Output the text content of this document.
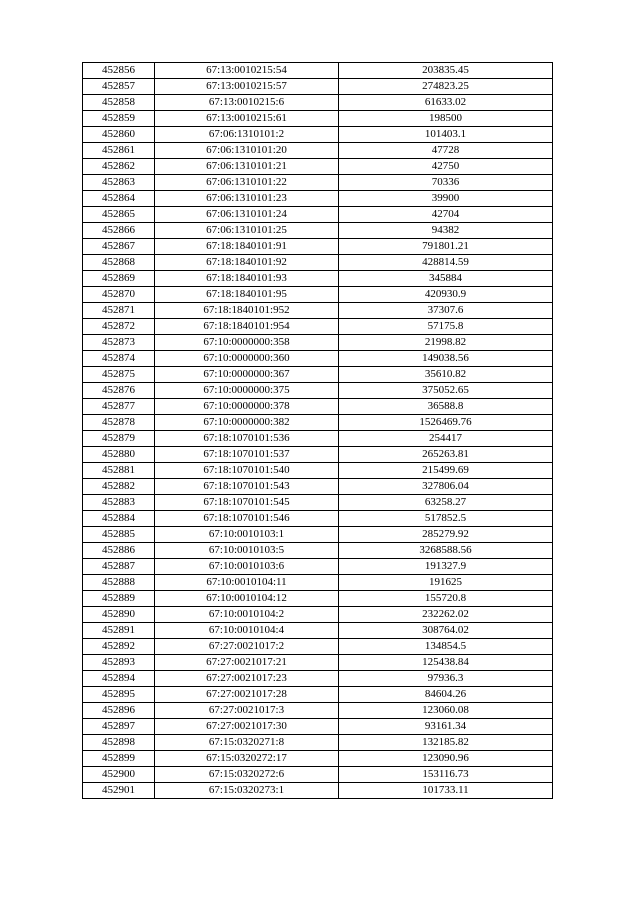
452856	67:13:0010215:54	203835.45
452857	67:13:0010215:57	274823.25
452858	67:13:0010215:6	61633.02
452859	67:13:0010215:61	198500
452860	67:06:1310101:2	101403.1
452861	67:06:1310101:20	47728
452862	67:06:1310101:21	42750
452863	67:06:1310101:22	70336
452864	67:06:1310101:23	39900
452865	67:06:1310101:24	42704
452866	67:06:1310101:25	94382
452867	67:18:1840101:91	791801.21
452868	67:18:1840101:92	428814.59
452869	67:18:1840101:93	345884
452870	67:18:1840101:95	420930.9
452871	67:18:1840101:952	37307.6
452872	67:18:1840101:954	57175.8
452873	67:10:0000000:358	21998.82
452874	67:10:0000000:360	149038.56
452875	67:10:0000000:367	35610.82
452876	67:10:0000000:375	375052.65
452877	67:10:0000000:378	36588.8
452878	67:10:0000000:382	1526469.76
452879	67:18:1070101:536	254417
452880	67:18:1070101:537	265263.81
452881	67:18:1070101:540	215499.69
452882	67:18:1070101:543	327806.04
452883	67:18:1070101:545	63258.27
452884	67:18:1070101:546	517852.5
452885	67:10:0010103:1	285279.92
452886	67:10:0010103:5	3268588.56
452887	67:10:0010103:6	191327.9
452888	67:10:0010104:11	191625
452889	67:10:0010104:12	155720.8
452890	67:10:0010104:2	232262.02
452891	67:10:0010104:4	308764.02
452892	67:27:0021017:2	134854.5
452893	67:27:0021017:21	125438.84
452894	67:27:0021017:23	97936.3
452895	67:27:0021017:28	84604.26
452896	67:27:0021017:3	123060.08
452897	67:27:0021017:30	93161.34
452898	67:15:0320271:8	132185.82
452899	67:15:0320272:17	123090.96
452900	67:15:0320272:6	153116.73
452901	67:15:0320273:1	101733.11
